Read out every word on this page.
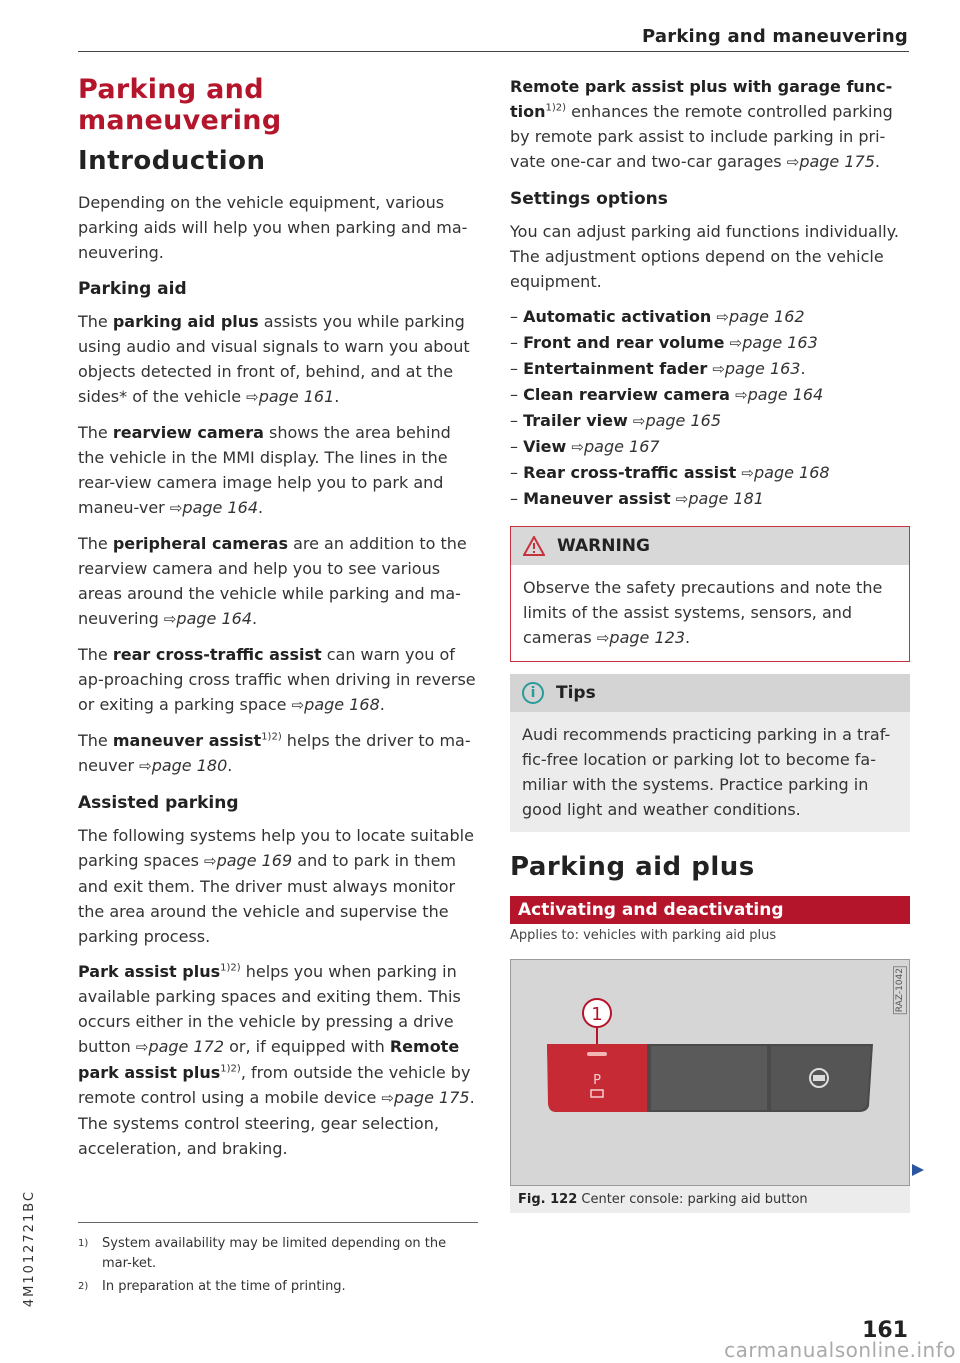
Parking and maneuvering
Parking and
maneuvering
Introduction

Depending on the vehicle equipment, various parking aids will help you when parking and ma-neuvering.

Parking aid

The parking aid plus assists you while parking using audio and visual signals to warn you about objects detected in front of, behind, and at the sides* of the vehicle ⇨page 161.

The rearview camera shows the area behind the vehicle in the MMI display. The lines in the rear-view camera image help you to park and maneu-ver ⇨page 164.

The peripheral cameras are an addition to the rearview camera and help you to see various areas around the vehicle while parking and ma-neuvering ⇨page 164.

The rear cross-traffic assist can warn you of ap-proaching cross traffic when driving in reverse or exiting a parking space ⇨page 168.

The maneuver assist$^{1)2)}$ helps the driver to ma-neuver ⇨page 180.

Assisted parking

The following systems help you to locate suitable parking spaces ⇨page 169 and to park in them and exit them. The driver must always monitor the area around the vehicle and supervise the parking process.

Park assist plus$^{1)2)}$ helps you when parking in available parking spaces and exiting them. This occurs either in the vehicle by pressing a drive button ⇨page 172 or, if equipped with Remote park assist plus$^{1)2)}$, from outside the vehicle by remote control using a mobile device ⇨page 175. The systems control steering, gear selection, acceleration, and braking.

Remote park assist plus with garage func-tion$^{1)2)}$ enhances the remote controlled parking by remote park assist to include parking in pri-vate one-car and two-car garages ⇨page 175.

Settings options

You can adjust parking aid functions individually. The adjustment options depend on the vehicle equipment.

– Automatic activation ⇨page 162
– Front and rear volume ⇨page 163
– Entertainment fader ⇨page 163.
– Clean rearview camera ⇨page 164
– Trailer view ⇨page 165
– View ⇨page 167
– Rear cross-traffic assist ⇨page 168
– Maneuver assist ⇨page 181
WARNING

Observe the safety precautions and note the limits of the assist systems, sensors, and cameras ⇨page 123.

i	Tips

Audi recommends practicing parking in a traf-fic-free location or parking lot to become fa-miliar with the systems. Practice parking in good light and weather conditions.

Parking aid plus
Activating and deactivating
Applies to: vehicles with parking aid plus
RAZ-1042
1
P
Fig. 122 Center console: parking aid button
1) System availability may be limited depending on the mar-ket.
2) In preparation at the time of printing.
4M1012721BC
161
carmanualsonline.info
